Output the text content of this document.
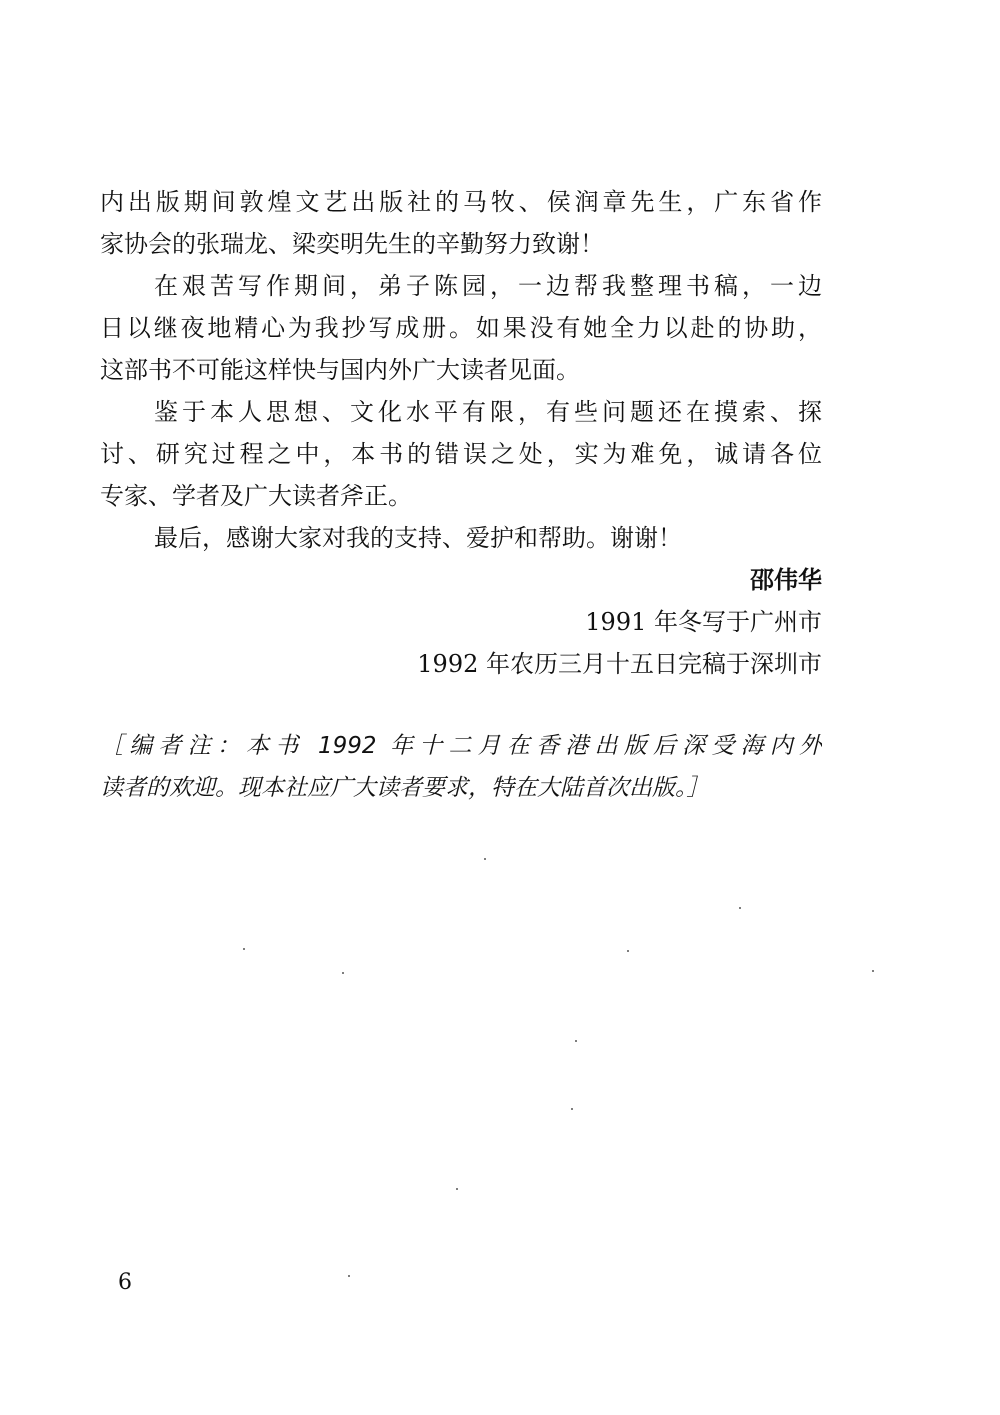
内出版期间敦煌文艺出版社的马牧、侯润章先生，广东省作
家协会的张瑞龙、梁奕明先生的辛勤努力致谢！
在艰苦写作期间，弟子陈园，一边帮我整理书稿，一边
日以继夜地精心为我抄写成册。如果没有她全力以赴的协助，
这部书不可能这样快与国内外广大读者见面。
鉴于本人思想、文化水平有限，有些问题还在摸索、探
讨、研究过程之中，本书的错误之处，实为难免，诚请各位
专家、学者及广大读者斧正。
最后，感谢大家对我的支持、爱护和帮助。谢谢！
邵伟华
1991 年冬写于广州市
1992 年农历三月十五日完稿于深圳市
［编者注：本书 1992 年十二月在香港出版后深受海内外
读者的欢迎。现本社应广大读者要求，特在大陆首次出版。］
6
